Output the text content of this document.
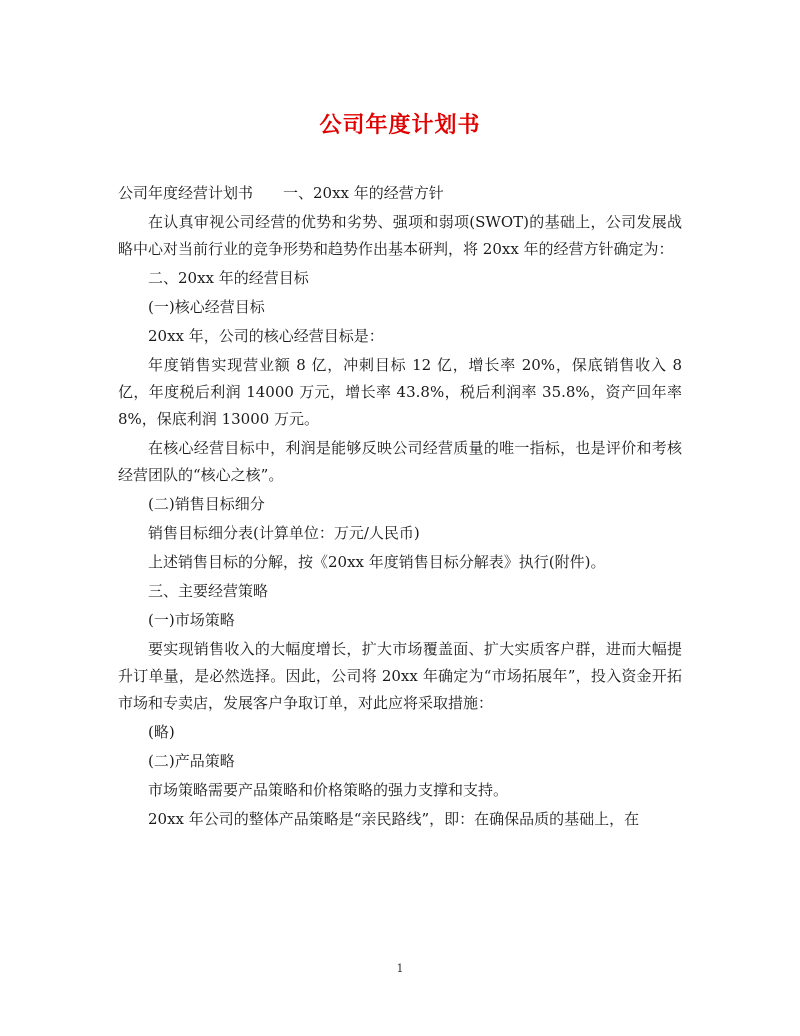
公司年度计划书

公司年度经营计划书　　一、20xx 年的经营方针

在认真审视公司经营的优势和劣势、强项和弱项(SWOT)的基础上，公司发展战略中心对当前行业的竞争形势和趋势作出基本研判，将 20xx 年的经营方针确定为：

二、20xx 年的经营目标

(一)核心经营目标

20xx 年，公司的核心经营目标是：

年度销售实现营业额 8 亿，冲刺目标 12 亿，增长率 20%，保底销售收入 8 亿，年度税后利润 14000 万元，增长率 43.8%，税后利润率 35.8%，资产回年率 8%，保底利润 13000 万元。

在核心经营目标中，利润是能够反映公司经营质量的唯一指标，也是评价和考核经营团队的“核心之核”。

(二)销售目标细分

销售目标细分表(计算单位：万元/人民币)

上述销售目标的分解，按《20xx 年度销售目标分解表》执行(附件)。

三、主要经营策略

(一)市场策略

要实现销售收入的大幅度增长，扩大市场覆盖面、扩大实质客户群，进而大幅提升订单量，是必然选择。因此，公司将 20xx 年确定为“市场拓展年”，投入资金开拓市场和专卖店，发展客户争取订单，对此应将采取措施：

(略)

(二)产品策略

市场策略需要产品策略和价格策略的强力支撑和支持。

20xx 年公司的整体产品策略是“亲民路线”，即：在确保品质的基础上，在

1
